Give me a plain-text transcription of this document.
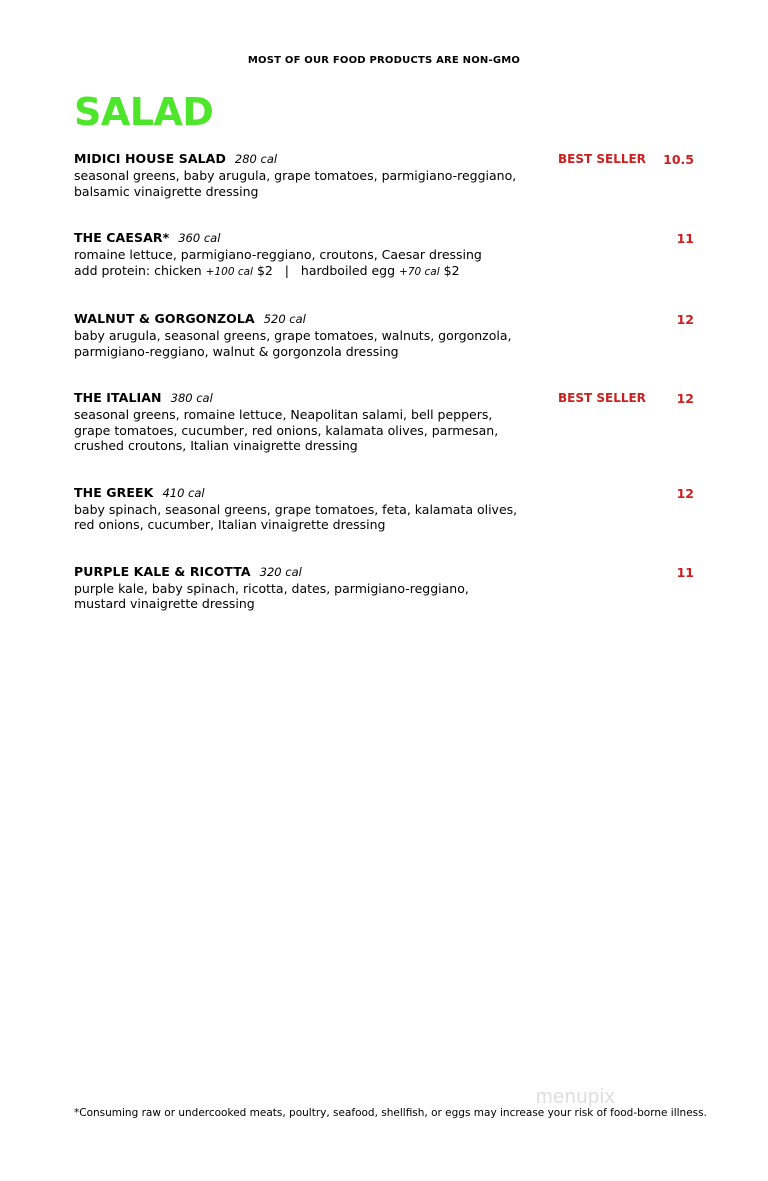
MOST OF OUR FOOD PRODUCTS ARE NON-GMO
SALAD
MIDICI HOUSE SALAD 280 cal	BEST SELLER 10.5
seasonal greens, baby arugula, grape tomatoes, parmigiano-reggiano,
balsamic vinaigrette dressing
THE CAESAR* 360 cal	11
romaine lettuce, parmigiano-reggiano, croutons, Caesar dressing
add protein: chicken +100 cal $2 | hardboiled egg +70 cal $2
WALNUT & GORGONZOLA 520 cal	12
baby arugula, seasonal greens, grape tomatoes, walnuts, gorgonzola,
parmigiano-reggiano, walnut & gorgonzola dressing
THE ITALIAN 380 cal	BEST SELLER 12
seasonal greens, romaine lettuce, Neapolitan salami, bell peppers,
grape tomatoes, cucumber, red onions, kalamata olives, parmesan,
crushed croutons, Italian vinaigrette dressing
THE GREEK 410 cal	12
baby spinach, seasonal greens, grape tomatoes, feta, kalamata olives,
red onions, cucumber, Italian vinaigrette dressing
PURPLE KALE & RICOTTA 320 cal	11
purple kale, baby spinach, ricotta, dates, parmigiano-reggiano,
mustard vinaigrette dressing
menupix
*Consuming raw or undercooked meats, poultry, seafood, shellfish, or eggs may increase your risk of food-borne illness.
